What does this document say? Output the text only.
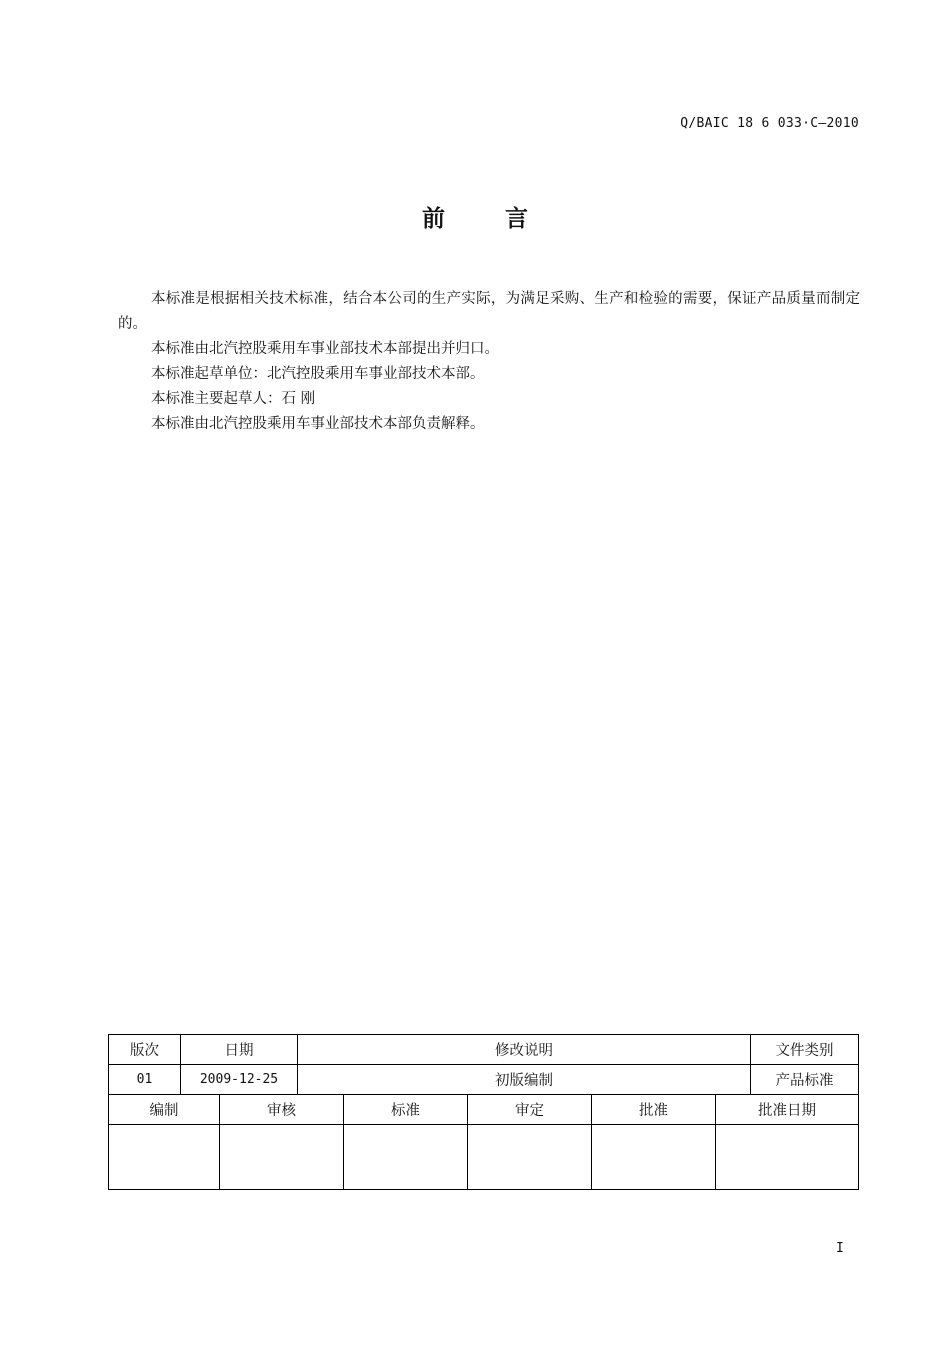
Q/BAIC 18 6 033·C—2010
前	言

本标准是根据相关技术标准，结合本公司的生产实际，为满足采购、生产和检验的需要，保证产品质量而制定的。

本标准由北汽控股乘用车事业部技术本部提出并归口。

本标准起草单位：北汽控股乘用车事业部技术本部。

本标准主要起草人：石 刚

本标准由北汽控股乘用车事业部技术本部负责解释。

版次	日期		修改说明					文件类别
01	2009-12-25		初版编制					产品标准
编制		审核		标准	审定	批准	批准日期	

I
